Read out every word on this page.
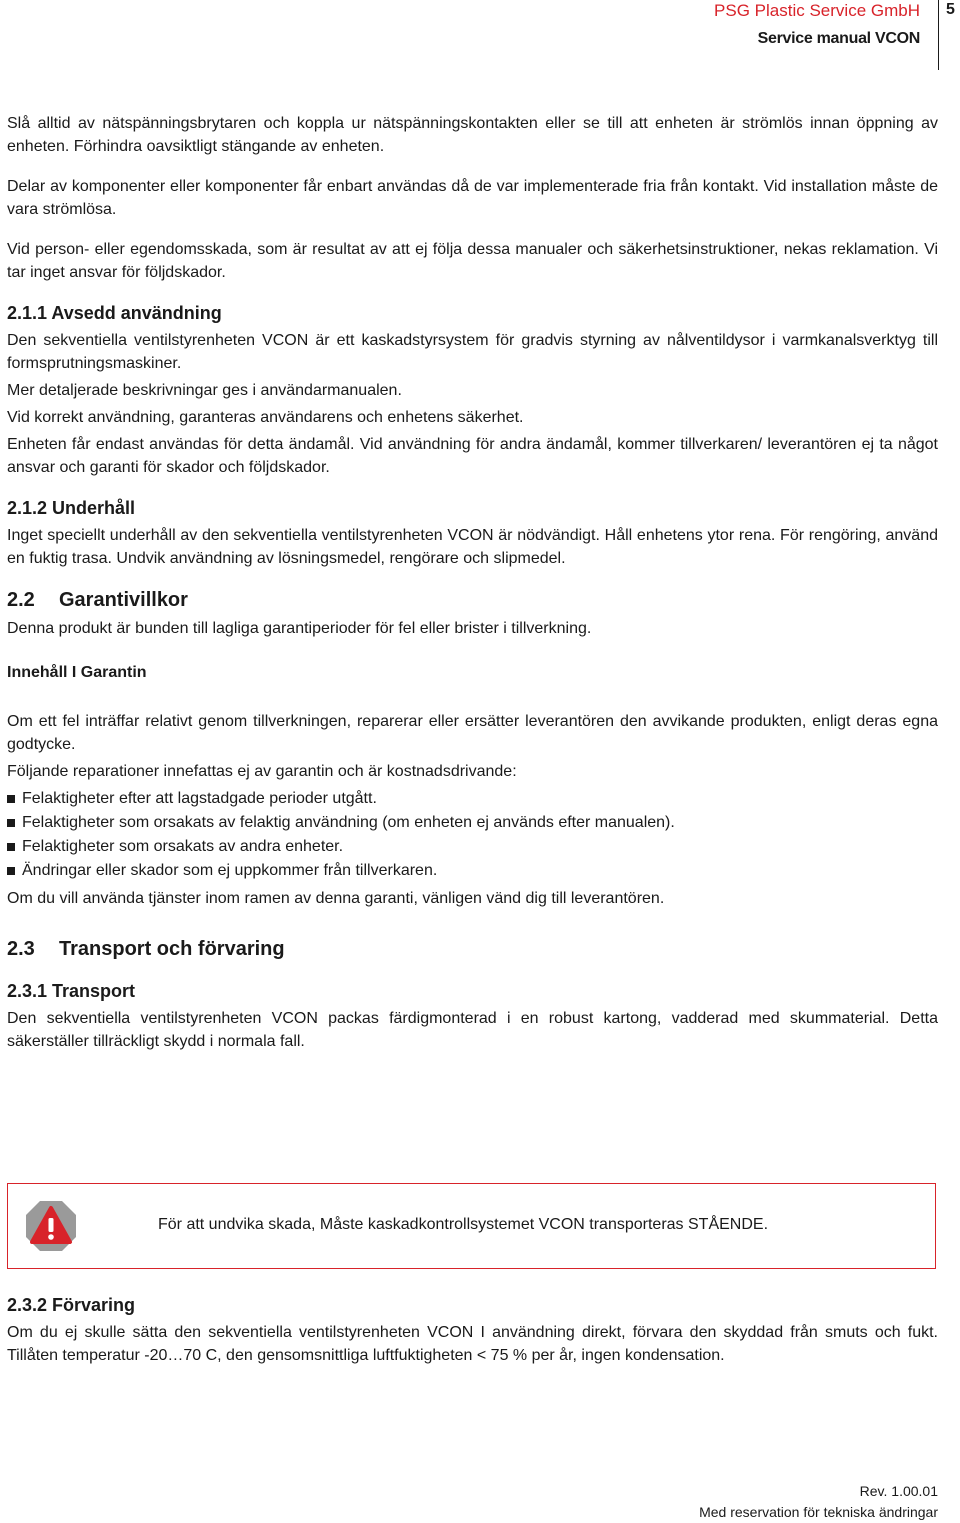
PSG Plastic Service GmbH
Service manual VCON
5

Slå alltid av nätspänningsbrytaren och koppla ur nätspänningskontakten eller se till att enheten är strömlös innan öppning av enheten. Förhindra oavsiktligt stängande av enheten.

Delar av komponenter eller komponenter får enbart användas då de var implementerade fria från kontakt. Vid installation måste de vara strömlösa.

Vid person- eller egendomsskada, som är resultat av att ej följa dessa manualer och säkerhetsinstruktioner, nekas reklamation. Vi tar inget ansvar för följdskador.

2.1.1 Avsedd användning

Den sekventiella ventilstyrenheten VCON är ett kaskadstyrsystem för gradvis styrning av nålventildysor i varmkanalsverktyg till formsprutningsmaskiner.

Mer detaljerade beskrivningar ges i användarmanualen.

Vid korrekt användning, garanteras användarens och enhetens säkerhet.

Enheten får endast användas för detta ändamål. Vid användning för andra ändamål, kommer tillverkaren/ leverantören ej ta något ansvar och garanti för skador och följdskador.

2.1.2 Underhåll

Inget speciellt underhåll av den sekventiella ventilstyrenheten VCON är nödvändigt. Håll enhetens ytor rena. För rengöring, använd en fuktig trasa. Undvik användning av lösningsmedel, rengörare och slipmedel.

2.2 Garantivillkor

Denna produkt är bunden till lagliga garantiperioder för fel eller brister i tillverkning.

Innehåll I Garantin

Om ett fel inträffar relativt genom tillverkningen, reparerar eller ersätter leverantören den avvikande produkten, enligt deras egna godtycke.

Följande reparationer innefattas ej av garantin och är kostnadsdrivande:

Felaktigheter efter att lagstadgade perioder utgått.
Felaktigheter som orsakats av felaktig användning (om enheten ej används efter manualen).
Felaktigheter som orsakats av andra enheter.
Ändringar eller skador som ej uppkommer från tillverkaren.

Om du vill använda tjänster inom ramen av denna garanti, vänligen vänd dig till leverantören.

2.3 Transport och förvaring
2.3.1 Transport

Den sekventiella ventilstyrenheten VCON packas färdigmonterad i en robust kartong, vadderad med skummaterial. Detta säkerställer tillräckligt skydd i normala fall.

För att undvika skada, Måste kaskadkontrollsystemet VCON transporteras STÅENDE.
2.3.2 Förvaring

Om du ej skulle sätta den sekventiella ventilstyrenheten VCON I användning direkt, förvara den skyddad från smuts och fukt. Tillåten temperatur -20…70 C, den gensomsnittliga luftfuktigheten < 75 % per år, ingen kondensation.

Rev. 1.00.01
Med reservation för tekniska ändringar
